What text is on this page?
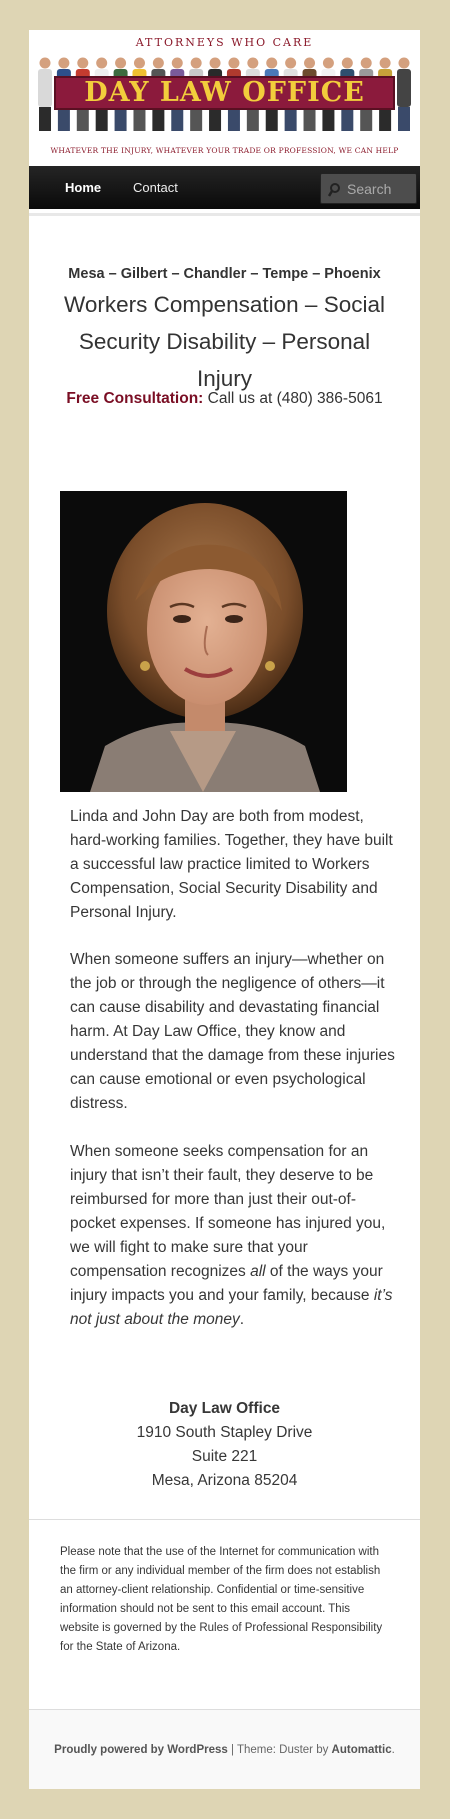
ATTORNEYS WHO CARE
DAY LAW OFFICE
WHATEVER THE INJURY, WHATEVER YOUR TRADE OR PROFESSION, WE CAN HELP
Home Contact
Search
Mesa – Gilbert – Chandler – Tempe – Phoenix
Workers Compensation – Social Security Disability – Personal Injury
Free Consultation: Call us at (480) 386-5061
Linda and John Day are both from modest, hard-working families. Together, they have built a successful law practice limited to Workers Compensation, Social Security Disability and Personal Injury.
When someone suffers an injury—whether on the job or through the negligence of others—it can cause disability and devastating financial harm. At Day Law Office, they know and understand that the damage from these injuries can cause emotional or even psychological distress.
When someone seeks compensation for an injury that isn’t their fault, they deserve to be reimbursed for more than just their out-of-pocket expenses. If someone has injured you, we will fight to make sure that your compensation recognizes all of the ways your injury impacts you and your family, because it’s not just about the money.
Day Law Office
1910 South Stapley Drive
Suite 221
Mesa, Arizona 85204
Please note that the use of the Internet for communication with the firm or any individual member of the firm does not establish an attorney-client relationship. Confidential or time-sensitive information should not be sent to this email account. This website is governed by the Rules of Professional Responsibility for the State of Arizona.
Proudly powered by WordPress | Theme: Duster by Automattic.
